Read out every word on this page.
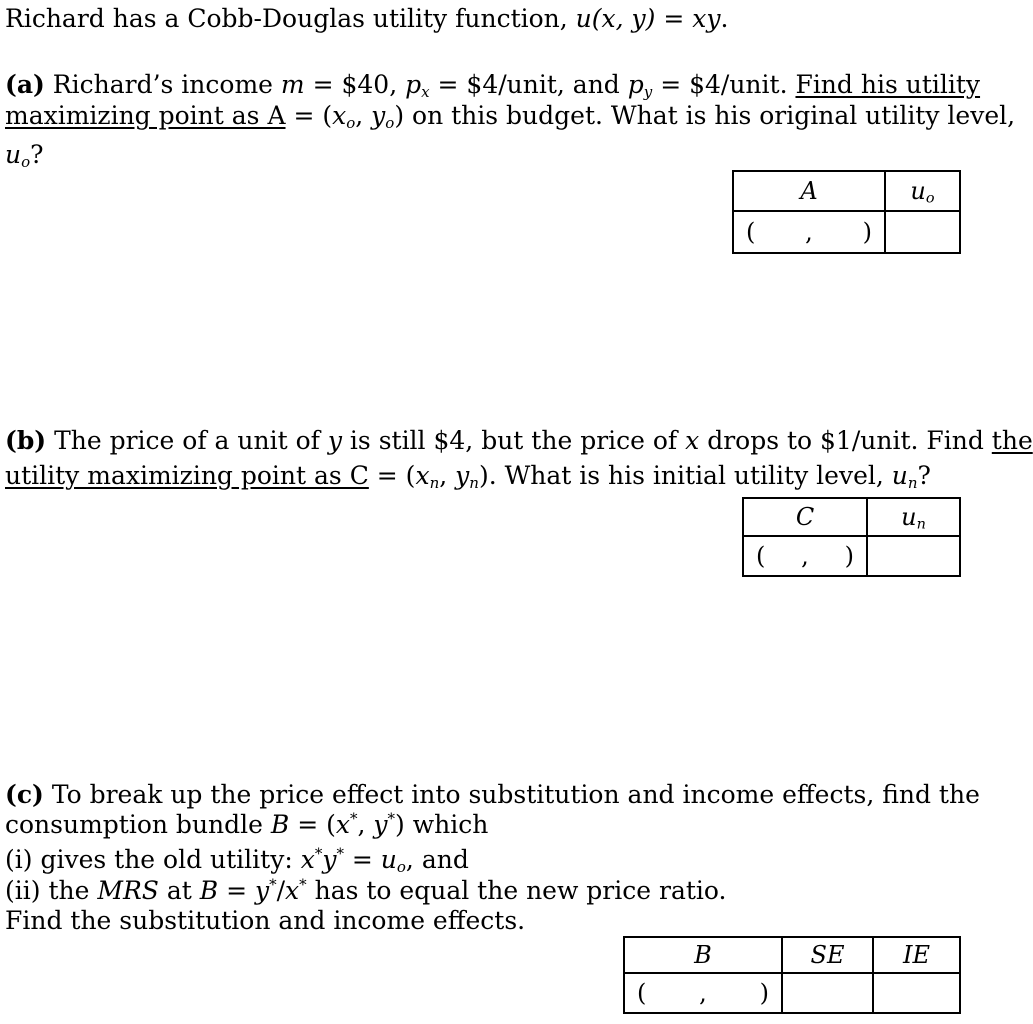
Richard has a Cobb-Douglas utility function, u(x, y) = xy.
(a) Richard’s income m = $40, $p_x$ = $4/unit, and $p_y$ = $4/unit. Find his utility
maximizing point as $A = (x_o$, $y_o$) on this budget. What is his original utility level,
$u_o$?
A	$u_o$

( , )	

(b) The price of a unit of y is still $4, but the price of x drops to $1/unit. Find the
utility maximizing point as $C = (x_n$, $y_n$). What is his initial utility level, $u_n$?
C	$u_n$

( , )	

(c) To break up the price effect into substitution and income effects, find the
consumption bundle B = (x*, y*) which
(i) gives the old utility: $x^*y^* = u_o$, and
(ii) the MRS at B = y*/x* has to equal the new price ratio.
Find the substitution and income effects.
B	SE	IE

( , )		
